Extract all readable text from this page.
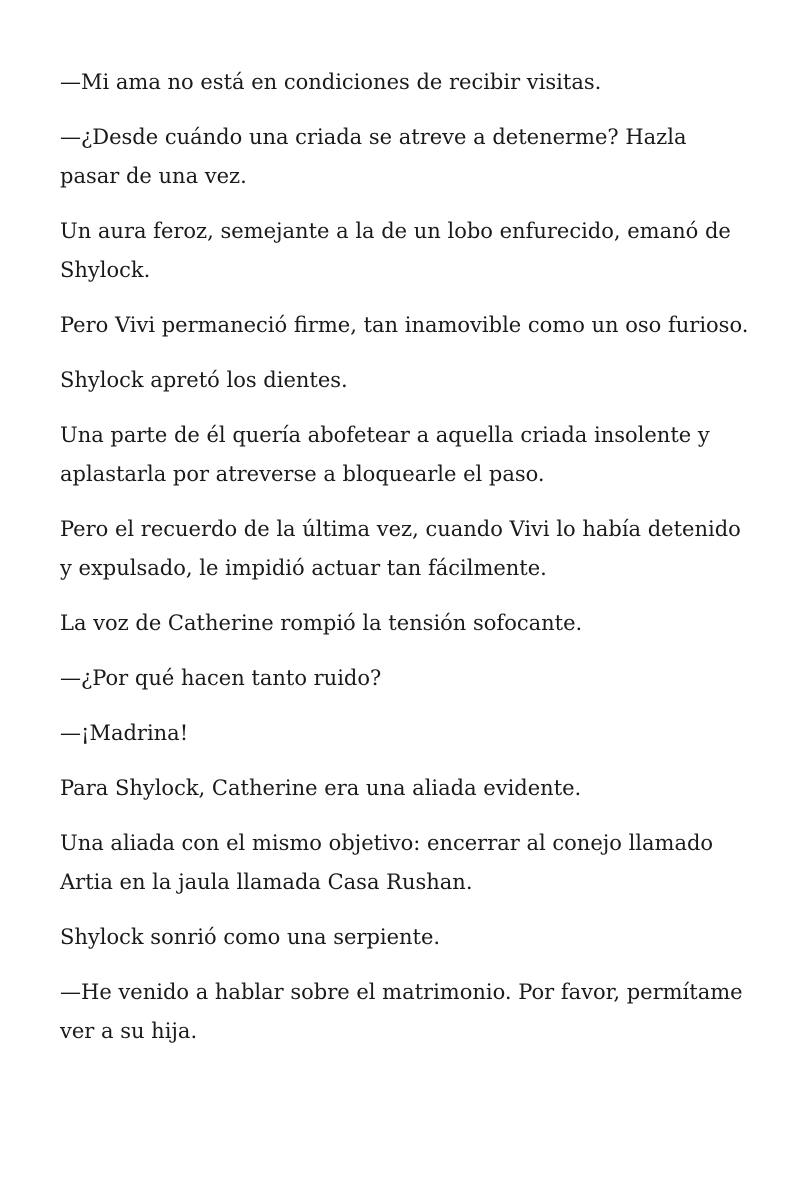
—Mi ama no está en condiciones de recibir visitas.

—¿Desde cuándo una criada se atreve a detenerme? Hazla pasar de una vez.

Un aura feroz, semejante a la de un lobo enfurecido, emanó de Shylock.

Pero Vivi permaneció firme, tan inamovible como un oso furioso.

Shylock apretó los dientes.

Una parte de él quería abofetear a aquella criada insolente y aplastarla por atreverse a bloquearle el paso.

Pero el recuerdo de la última vez, cuando Vivi lo había detenido y expulsado, le impidió actuar tan fácilmente.

La voz de Catherine rompió la tensión sofocante.

—¿Por qué hacen tanto ruido?

—¡Madrina!

Para Shylock, Catherine era una aliada evidente.

Una aliada con el mismo objetivo: encerrar al conejo llamado Artia en la jaula llamada Casa Rushan.

Shylock sonrió como una serpiente.

—He venido a hablar sobre el matrimonio. Por favor, permítame ver a su hija.
